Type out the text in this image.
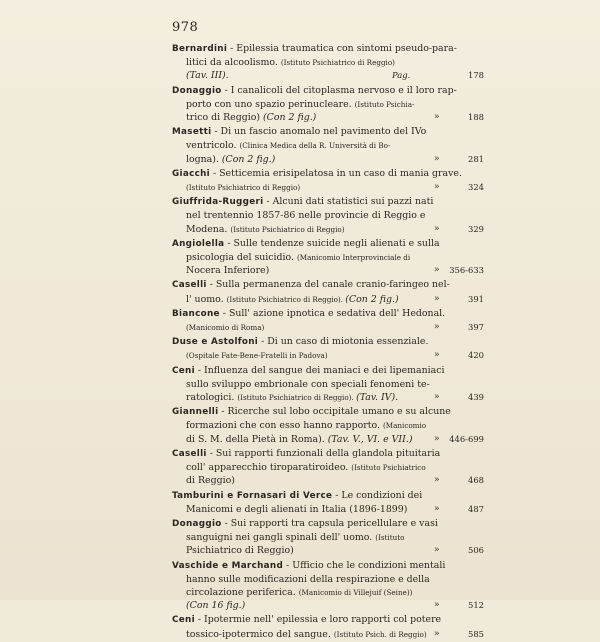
978
Bernardini - Epilessia traumatica con sintomi pseudo-para-
litici da alcoolismo. (Istituto Psichiatrico di Reggio)
(Tav. III).	Pag.	178
Donaggio - I canalicoli del citoplasma nervoso e il loro rap-
porto con uno spazio perinucleare. (Istituto Psichia-
trico di Reggio) (Con 2 fig.)	»	188
Masetti - Di un fascio anomalo nel pavimento del IVo
ventricolo. (Clinica Medica della R. Università di Bo-
logna). (Con 2 fig.)	»	281
Giacchi - Setticemia erisipelatosa in un caso di mania grave.
(Istituto Psichiatrico di Reggio)	»	324
Giuffrida-Ruggeri - Alcuni dati statistici sui pazzi nati
nel trentennio 1857-86 nelle provincie di Reggio e
Modena. (Istituto Psichiatrico di Reggio)	»	329
Angiolella - Sulle tendenze suicide negli alienati e sulla
psicologia del suicidio. (Manicomio Interprovinciale di
Nocera Inferiore)	» 356-633
Caselli - Sulla permanenza del canale cranio-faringeo nel-
l' uomo. (Istituto Psichiatrico di Reggio). (Con 2 fig.)	»	391
Biancone - Sull' azione ipnotica e sedativa dell' Hedonal.
(Manicomio di Roma)	»	397
Duse e Astolfoni - Di un caso di miotonia essenziale.
(Ospitale Fate-Bene-Fratelli in Padova)	»	420
Ceni - Influenza del sangue dei maniaci e dei lipemaniaci
sullo sviluppo embrionale con speciali fenomeni te-
ratologici. (Istituto Psichiatrico di Reggio). (Tav. IV).	»	439
Giannelli - Ricerche sul lobo occipitale umano e su alcune
formazioni che con esso hanno rapporto. (Manicomio
di S. M. della Pietà in Roma). (Tav. V., VI. e VII.) » 446-699
Caselli - Sui rapporti funzionali della glandola pituitaria
coll' apparecchio tiroparatiroideo. (Istituto Psichiatrico
di Reggio)	»	468
Tamburini e Fornasari di Verce - Le condizioni dei
Manicomi e degli alienati in Italia (1896-1899)	»	487
Donaggio - Sui rapporti tra capsula pericellulare e vasi
sanguigni nei gangli spinali dell' uomo. (Istituto
Psichiatrico di Reggio)	»	506
Vaschide e Marchand - Ufficio che le condizioni mentali
hanno sulle modificazioni della respirazione e della
circolazione periferica. (Manicomio di Villejuif (Seine))
(Con 16 fig.)	»	512
Ceni - Ipotermie nell' epilessia e loro rapporti col potere
tossico-ipotermico del sangue. (Istituto Psich. di Reggio) »	585
